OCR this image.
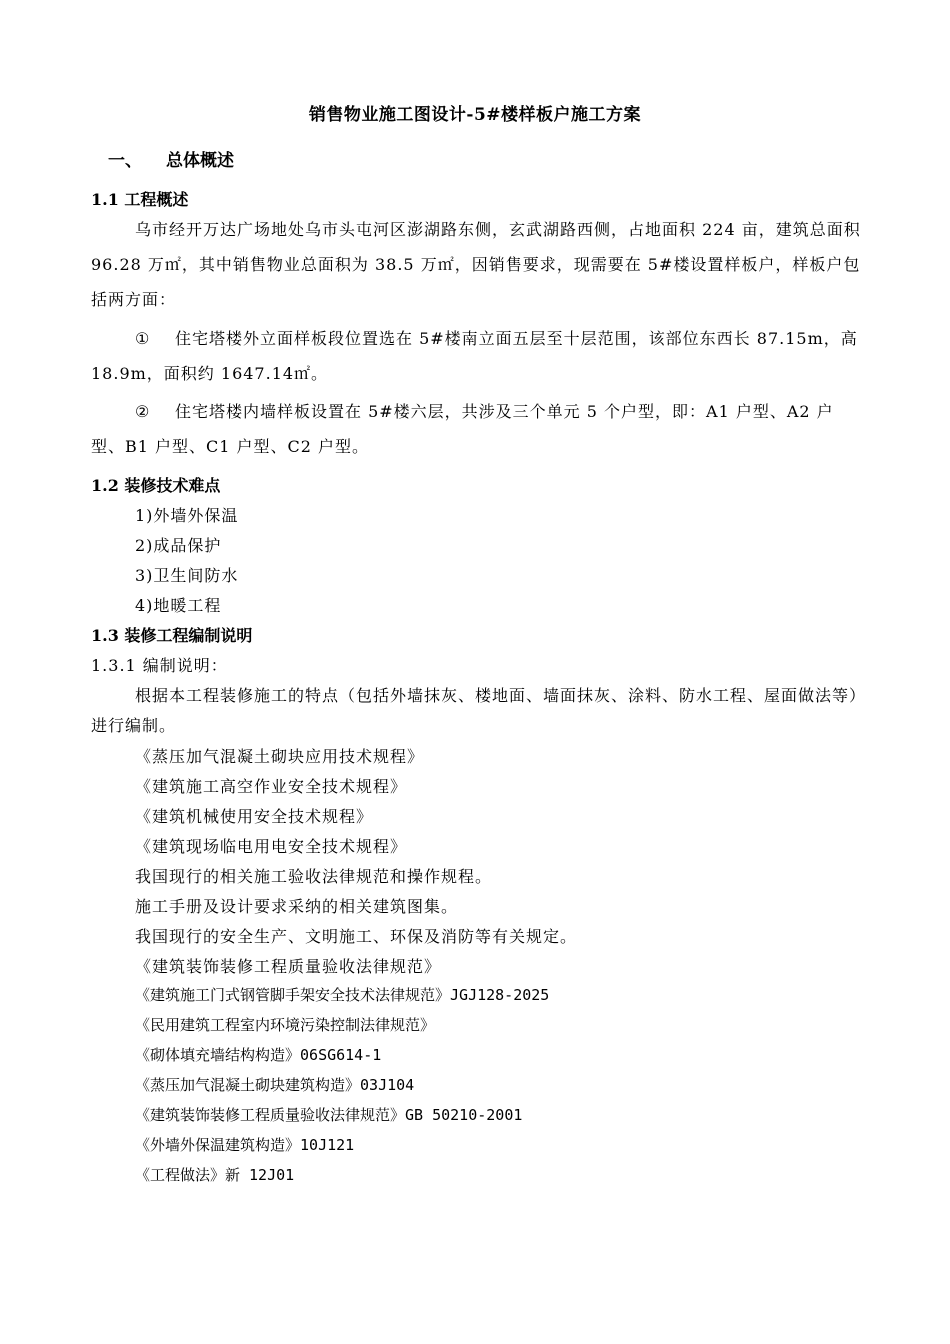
销售物业施工图设计-5#楼样板户施工方案
一、 总体概述
1.1 工程概述
乌市经开万达广场地处乌市头屯河区澎湖路东侧，玄武湖路西侧，占地面积 224 亩，建筑总面积 96.28 万㎡，其中销售物业总面积为 38.5 万㎡，因销售要求，现需要在 5#楼设置样板户，样板户包括两方面：
① 住宅塔楼外立面样板段位置选在 5#楼南立面五层至十层范围，该部位东西长 87.15m，高 18.9m，面积约 1647.14㎡。
② 住宅塔楼内墙样板设置在 5#楼六层，共涉及三个单元 5 个户型，即：A1 户型、A2 户型、B1 户型、C1 户型、C2 户型。
1.2 装修技术难点
1)外墙外保温
2)成品保护
3)卫生间防水
4)地暖工程
1.3 装修工程编制说明
1.3.1 编制说明：
根据本工程装修施工的特点（包括外墙抹灰、楼地面、墙面抹灰、涂料、防水工程、屋面做法等）进行编制。
《蒸压加气混凝土砌块应用技术规程》
《建筑施工高空作业安全技术规程》
《建筑机械使用安全技术规程》
《建筑现场临电用电安全技术规程》
我国现行的相关施工验收法律规范和操作规程。
施工手册及设计要求采纳的相关建筑图集。
我国现行的安全生产、文明施工、环保及消防等有关规定。
《建筑装饰装修工程质量验收法律规范》
《建筑施工门式钢管脚手架安全技术法律规范》JGJ128-2025
《民用建筑工程室内环境污染控制法律规范》
《砌体填充墙结构构造》06SG614-1
《蒸压加气混凝土砌块建筑构造》03J104
《建筑装饰装修工程质量验收法律规范》GB 50210-2001
《外墙外保温建筑构造》10J121
《工程做法》新 12J01
